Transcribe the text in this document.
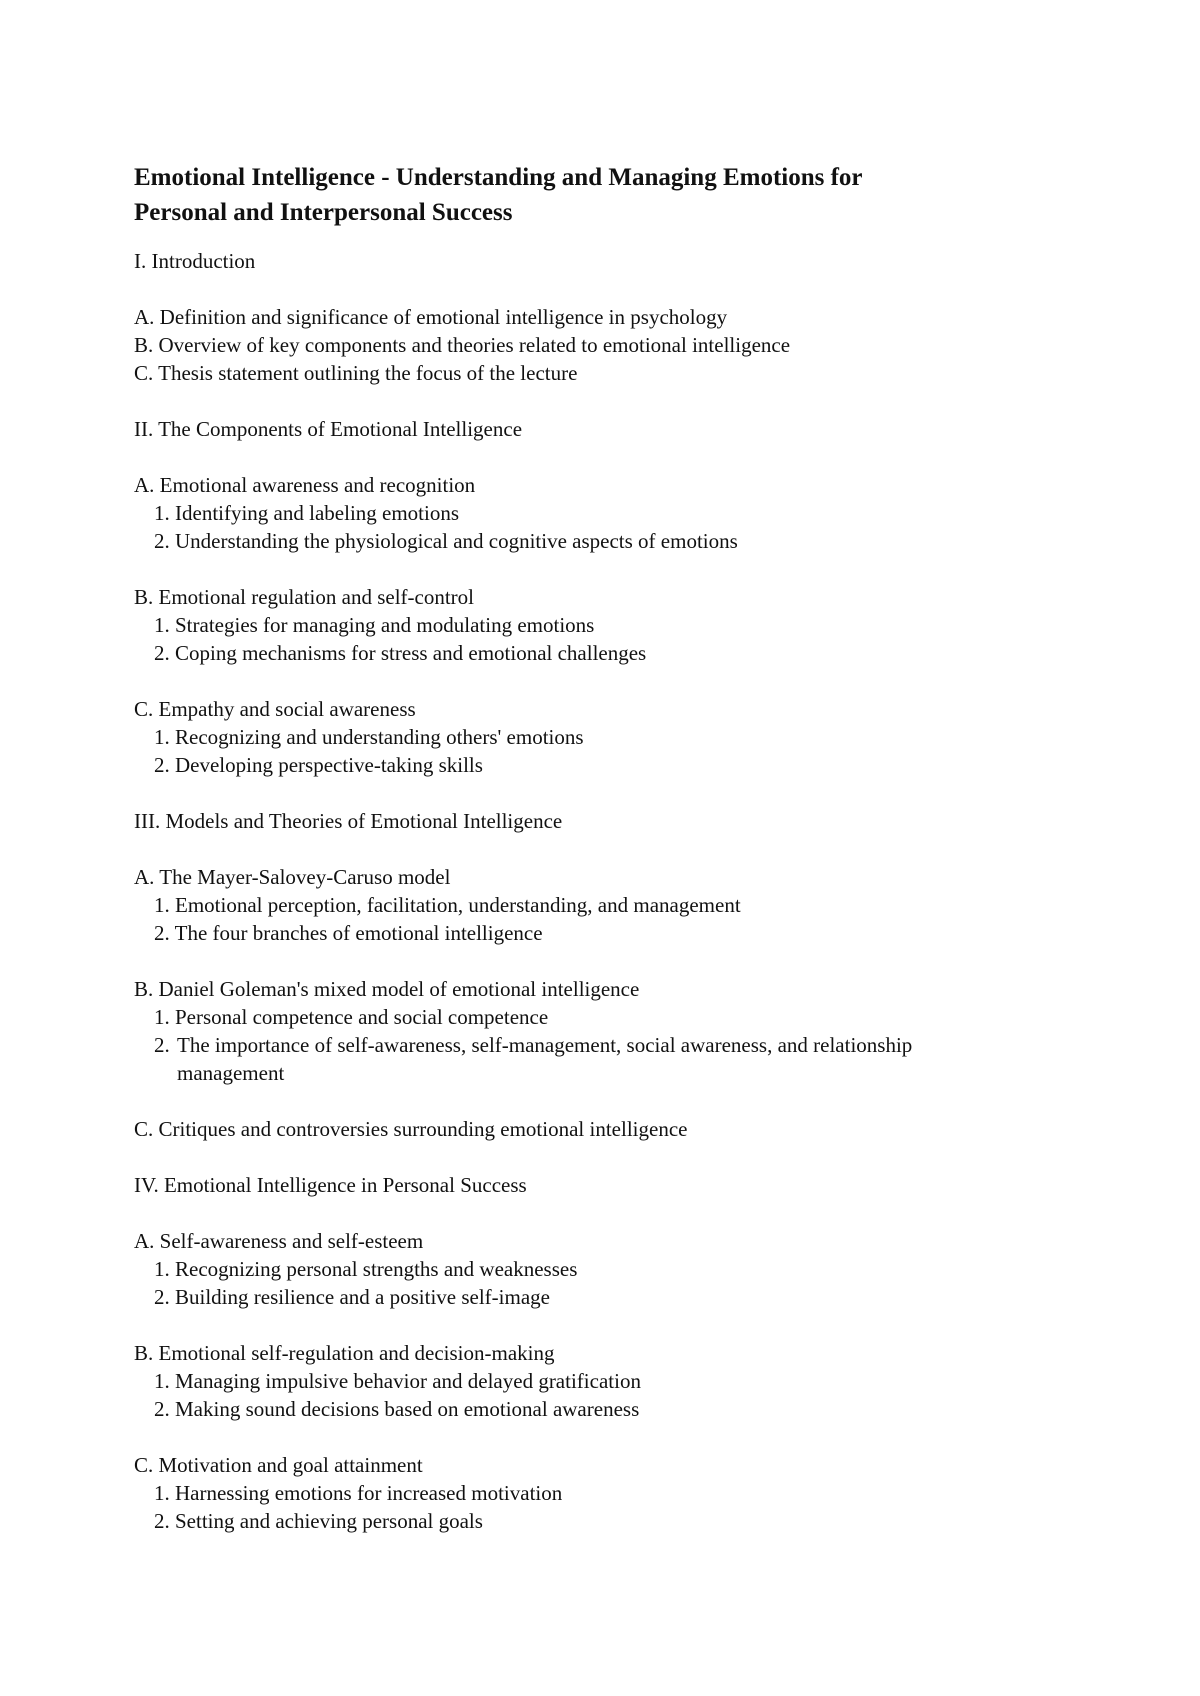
Emotional Intelligence - Understanding and Managing Emotions for
Personal and Interpersonal Success
I. Introduction
A. Definition and significance of emotional intelligence in psychology
B. Overview of key components and theories related to emotional intelligence
C. Thesis statement outlining the focus of the lecture
II. The Components of Emotional Intelligence
A. Emotional awareness and recognition
1. Identifying and labeling emotions
2. Understanding the physiological and cognitive aspects of emotions
B. Emotional regulation and self-control
1. Strategies for managing and modulating emotions
2. Coping mechanisms for stress and emotional challenges
C. Empathy and social awareness
1. Recognizing and understanding others' emotions
2. Developing perspective-taking skills
III. Models and Theories of Emotional Intelligence
A. The Mayer-Salovey-Caruso model
1. Emotional perception, facilitation, understanding, and management
2. The four branches of emotional intelligence
B. Daniel Goleman's mixed model of emotional intelligence
1. Personal competence and social competence
2. The importance of self-awareness, self-management, social awareness, and relationship
management
C. Critiques and controversies surrounding emotional intelligence
IV. Emotional Intelligence in Personal Success
A. Self-awareness and self-esteem
1. Recognizing personal strengths and weaknesses
2. Building resilience and a positive self-image
B. Emotional self-regulation and decision-making
1. Managing impulsive behavior and delayed gratification
2. Making sound decisions based on emotional awareness
C. Motivation and goal attainment
1. Harnessing emotions for increased motivation
2. Setting and achieving personal goals
